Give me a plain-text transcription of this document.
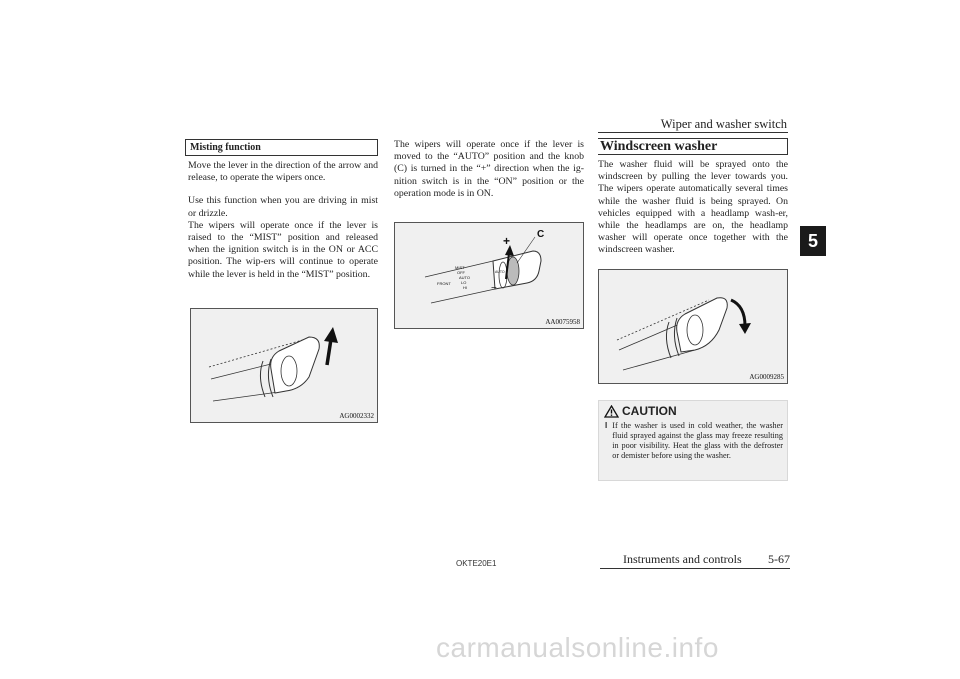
Wiper and washer switch
5
Misting function

Move the lever in the direction of the arrow and release, to operate the wipers once.

Use this function when you are driving in mist or drizzle.

The wipers will operate once if the lever is raised to the “MIST” position and released when the ignition switch is in the ON or ACC position. The wip-ers will continue to operate while the lever is held in the “MIST” position.

AG0002332

The wipers will operate once if the lever is moved to the “AUTO” position and the knob (C) is turned in the “+” direction when the ig-nition switch is in the “ON” position or the operation mode is in ON.

+
−
C
MIST
OFF
AUTO
LO
HI
FRONT
AUTO
AA0075958
Windscreen washer

The washer fluid will be sprayed onto the windscreen by pulling the lever towards you. The wipers operate automatically several times while the washer fluid is being sprayed. On vehicles equipped with a headlamp wash-er, while the headlamps are on, the headlamp washer will operate once together with the windscreen washer.

AG0009285
CAUTION
l If the washer is used in cold weather, the washer fluid sprayed against the glass may freeze resulting in poor visibility. Heat the glass with the defroster or demister before using the washer.
OKTE20E1	Instruments and controls 5-67
carmanualsonline.info
